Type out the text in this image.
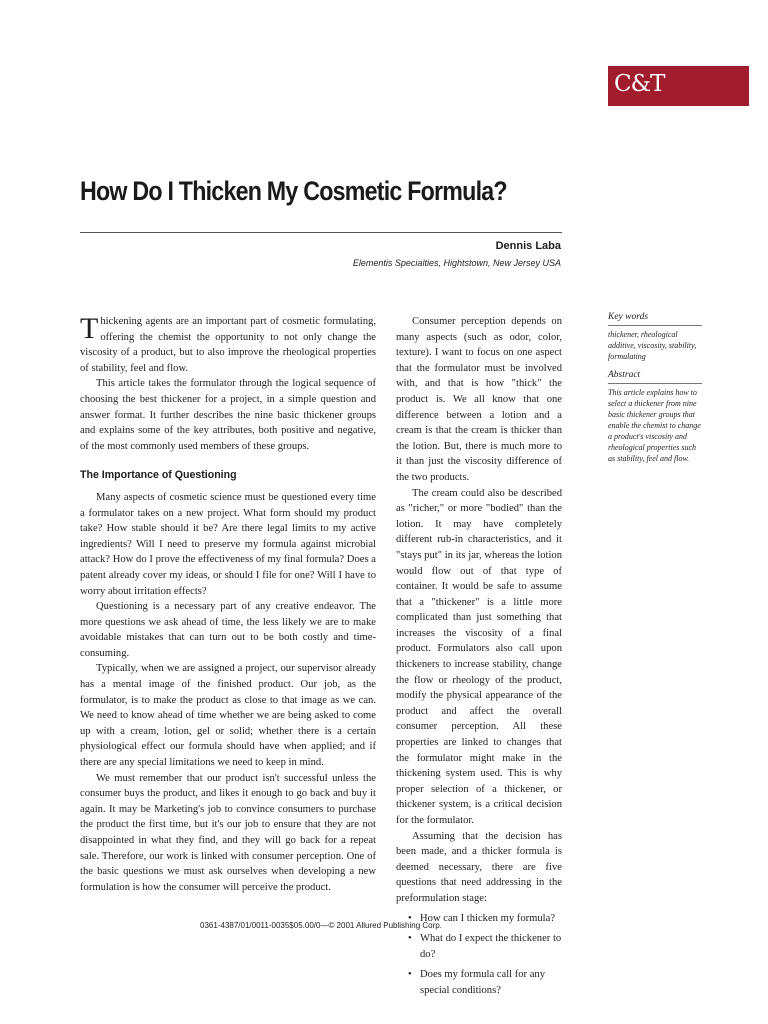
C&T
How Do I Thicken My Cosmetic Formula?

Dennis Laba

Elementis Specialties, Hightstown, New Jersey USA

Thickening agents are an important part of cosmetic formulating, offering the chemist the opportunity to not only change the viscosity of a product, but to also improve the rheological properties of stability, feel and flow.

This article takes the formulator through the logical sequence of choosing the best thickener for a project, in a simple question and answer format. It further describes the nine basic thickener groups and explains some of the key attributes, both positive and negative, of the most commonly used members of these groups.

The Importance of Questioning

Many aspects of cosmetic science must be questioned every time a formulator takes on a new project. What form should my product take? How stable should it be? Are there legal limits to my active ingredients? Will I need to preserve my formula against microbial attack? How do I prove the effectiveness of my final formula? Does a patent already cover my ideas, or should I file for one? Will I have to worry about irritation effects?

Questioning is a necessary part of any creative endeavor. The more questions we ask ahead of time, the less likely we are to make avoidable mistakes that can turn out to be both costly and time-consuming.

Typically, when we are assigned a project, our supervisor already has a mental image of the finished product. Our job, as the formulator, is to make the product as close to that image as we can. We need to know ahead of time whether we are being asked to come up with a cream, lotion, gel or solid; whether there is a certain physiological effect our formula should have when applied; and if there are any special limitations we need to keep in mind.

We must remember that our product isn't successful unless the consumer buys the product, and likes it enough to go back and buy it again. It may be Marketing's job to convince consumers to purchase the product the first time, but it's our job to ensure that they are not disappointed in what they find, and they will go back for a repeat sale. Therefore, our work is linked with consumer perception. One of the basic questions we must ask ourselves when developing a new formulation is how the consumer will perceive the product.

Consumer perception depends on many aspects (such as odor, color, texture). I want to focus on one aspect that the formulator must be involved with, and that is how "thick" the product is. We all know that one difference between a lotion and a cream is that the cream is thicker than the lotion. But, there is much more to it than just the viscosity difference of the two products.

The cream could also be described as "richer," or more "bodied" than the lotion. It may have completely different rub-in characteristics, and it "stays put" in its jar, whereas the lotion would flow out of that type of container. It would be safe to assume that a "thickener" is a little more complicated than just something that increases the viscosity of a final product. Formulators also call upon thickeners to increase stability, change the flow or rheology of the product, modify the physical appearance of the product and affect the overall consumer perception. All these properties are linked to changes that the formulator might make in the thickening system used. This is why proper selection of a thickener, or thickener system, is a critical decision for the formulator.

Assuming that the decision has been made, and a thicker formula is deemed necessary, there are five questions that need addressing in the preformulation stage:

• How can I thicken my formula?
• What do I expect the thickener to do?
• Does my formula call for any special conditions?
Key words

thickener, rheological additive, viscosity, stability, formulating

Abstract

This article explains how to select a thickener from nine basic thickener groups that enable the chemist to change a product's viscosity and rheological properties such as stability, feel and flow.

0361-4387/01/0011-0035$05.00/0—© 2001 Allured Publishing Corp.
